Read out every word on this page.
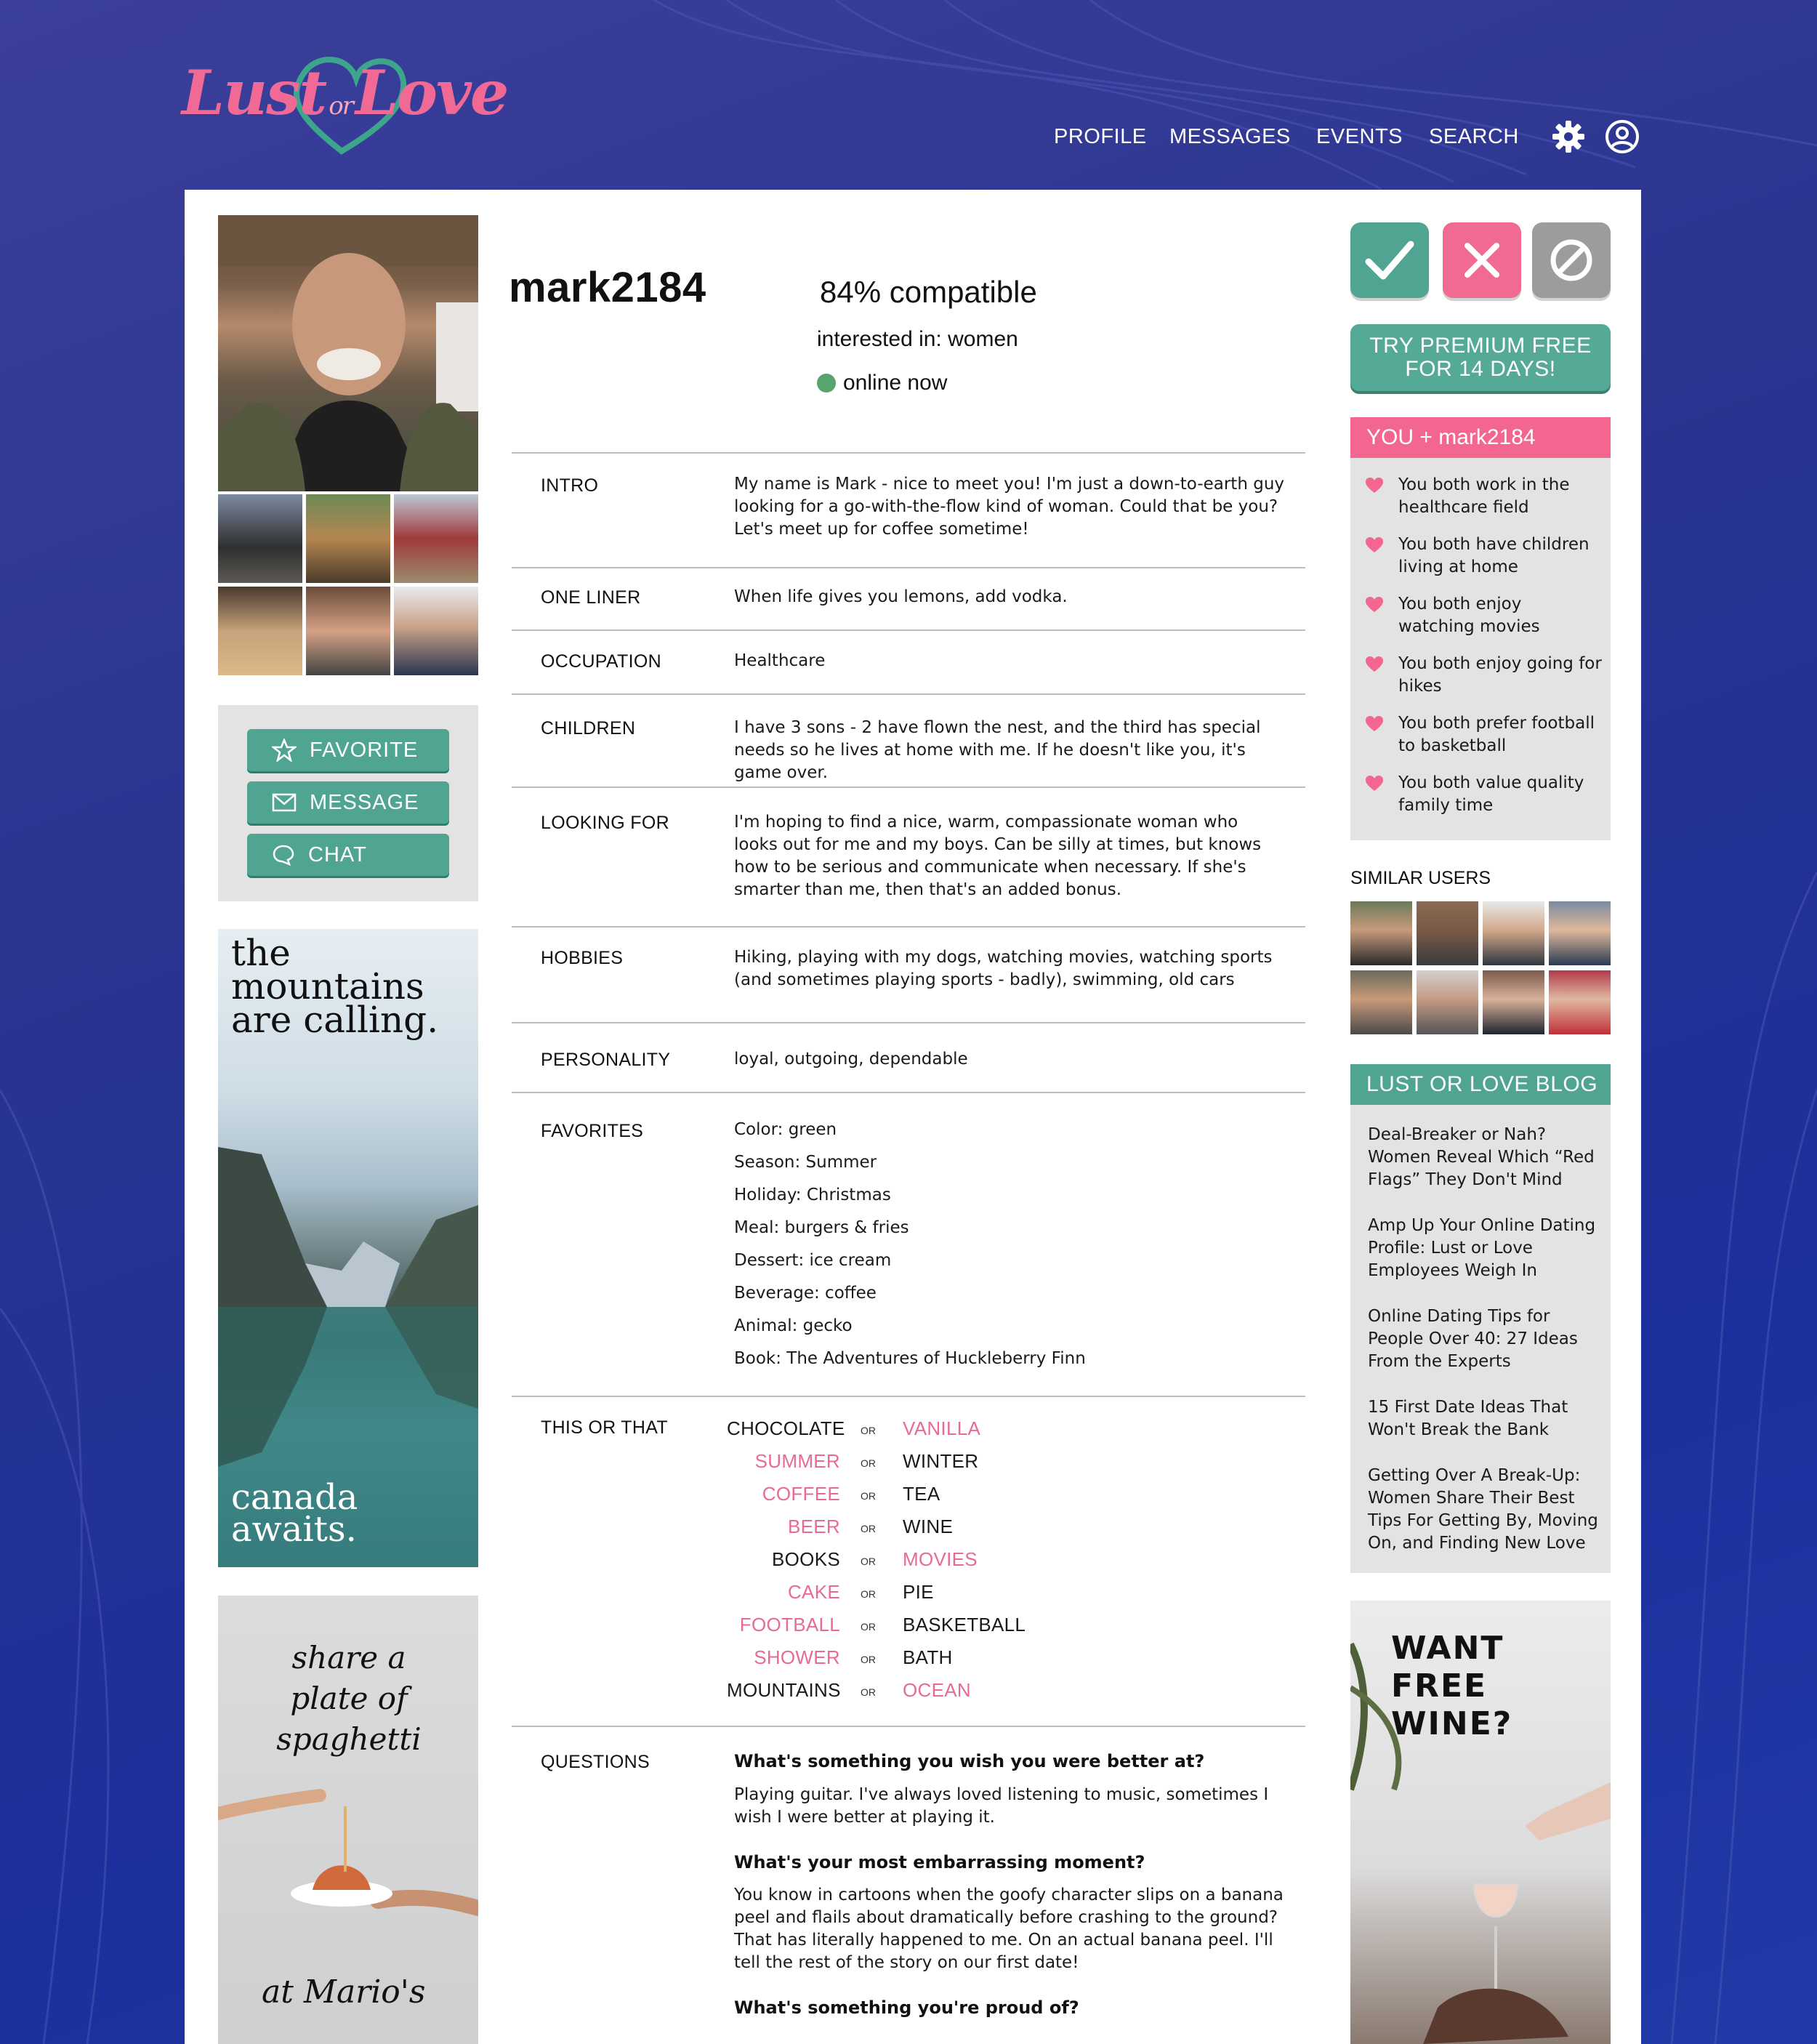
Lust orLove
PROFILE MESSAGES EVENTS SEARCH
FAVORITE
MESSAGE
CHAT
the mountains are calling.
canada awaits.
share a plate of spaghetti
at Mario's
mark2184	84% compatible
interested in: women
online now
INTRO	My name is Mark - nice to meet you! I'm just a down-to-earth guy looking for a go-with-the-flow kind of woman. Could that be you? Let's meet up for coffee sometime!
ONE LINER	When life gives you lemons, add vodka.
OCCUPATION	Healthcare
CHILDREN	I have 3 sons - 2 have flown the nest, and the third has special needs so he lives at home with me. If he doesn't like you, it's game over.
LOOKING FOR	I'm hoping to find a nice, warm, compassionate woman who looks out for me and my boys. Can be silly at times, but knows how to be serious and communicate when necessary. If she's smarter than me, then that's an added bonus.
HOBBIES	Hiking, playing with my dogs, watching movies, watching sports (and sometimes playing sports - badly), swimming, old cars
PERSONALITY	loyal, outgoing, dependable
FAVORITES	Color: green
Season: Summer
Holiday: Christmas
Meal: burgers & fries
Dessert: ice cream
Beverage: coffee
Animal: gecko
Book: The Adventures of Huckleberry Finn
THIS OR THAT	CHOCOLATE OR VANILLA
SUMMER OR WINTER
COFFEE OR TEA
BEER OR WINE
BOOKS OR MOVIES
CAKE OR PIE
FOOTBALL OR BASKETBALL
SHOWER OR BATH
MOUNTAINS OR OCEAN
QUESTIONS	What's something you wish you were better at?
Playing guitar. I've always loved listening to music, sometimes I wish I were better at playing it.
What's your most embarrassing moment?
You know in cartoons when the goofy character slips on a banana peel and flails about dramatically before crashing to the ground? That has literally happened to me. On an actual banana peel. I'll tell the rest of the story on our first date!
What's something you're proud of?
TRY PREMIUM FREE
FOR 14 DAYS!
YOU + mark2184
You both work in the healthcare field
You both have children living at home
You both enjoy watching movies
You both enjoy going for hikes
You both prefer football to basketball
You both value quality family time
SIMILAR USERS
LUST OR LOVE BLOG
Deal-Breaker or Nah? Women Reveal Which “Red Flags” They Don't Mind
Amp Up Your Online Dating Profile: Lust or Love Employees Weigh In
Online Dating Tips for People Over 40: 27 Ideas From the Experts
15 First Date Ideas That Won't Break the Bank
Getting Over A Break-Up: Women Share Their Best Tips For Getting By, Moving On, and Finding New Love
WANT FREE WINE?
